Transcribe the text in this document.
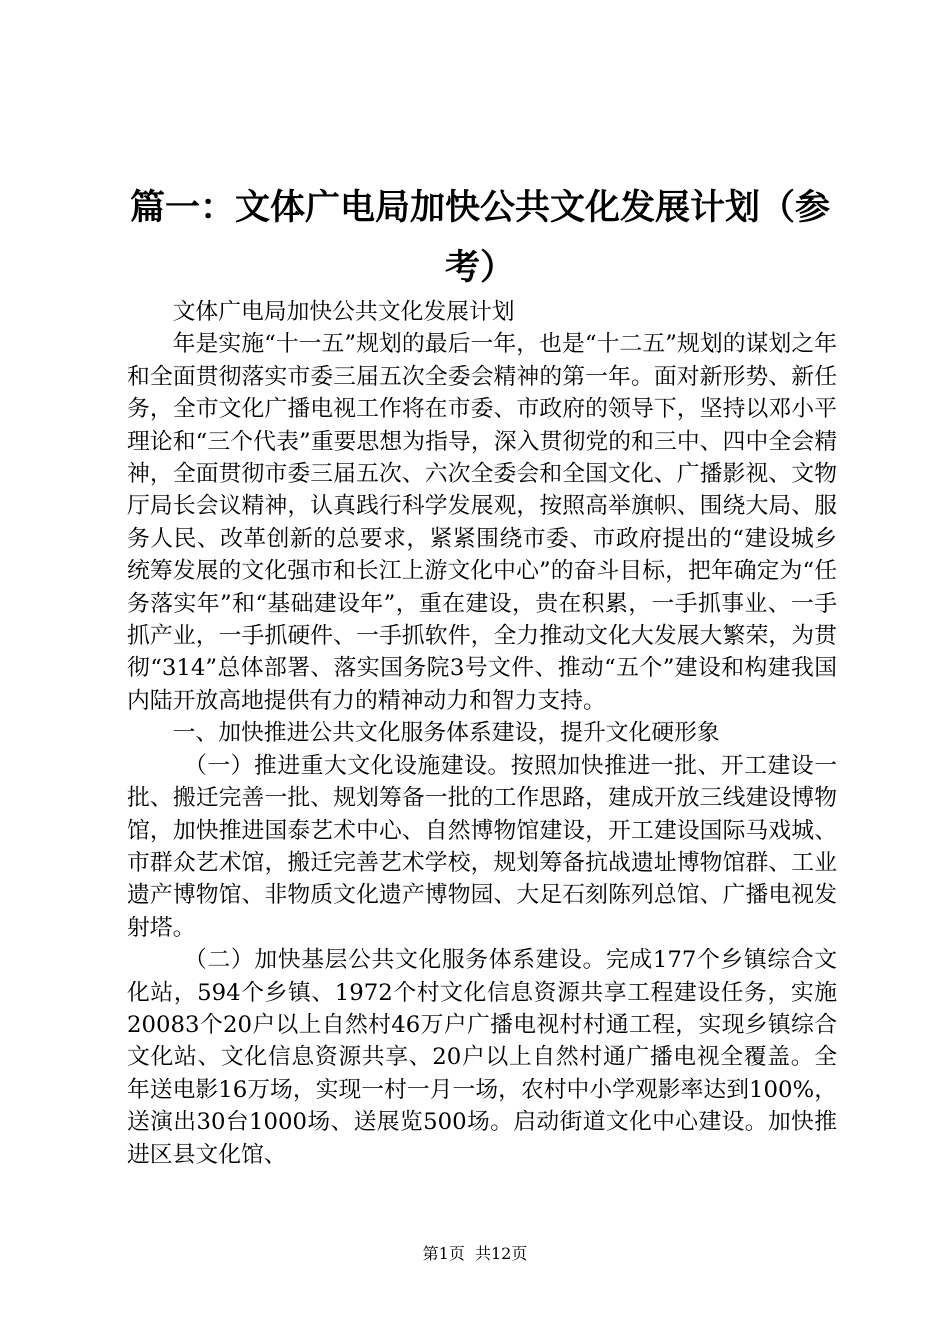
篇一：文体广电局加快公共文化发展计划（参考）

文体广电局加快公共文化发展计划

年是实施“十一五”规划的最后一年，也是“十二五”规划的谋划之年和全面贯彻落实市委三届五次全委会精神的第一年。面对新形势、新任务，全市文化广播电视工作将在市委、市政府的领导下，坚持以邓小平理论和“三个代表”重要思想为指导，深入贯彻党的和三中、四中全会精神，全面贯彻市委三届五次、六次全委会和全国文化、广播影视、文物厅局长会议精神，认真践行科学发展观，按照高举旗帜、围绕大局、服务人民、改革创新的总要求，紧紧围绕市委、市政府提出的“建设城乡统筹发展的文化强市和长江上游文化中心”的奋斗目标，把年确定为“任务落实年”和“基础建设年”，重在建设，贵在积累，一手抓事业、一手抓产业，一手抓硬件、一手抓软件，全力推动文化大发展大繁荣，为贯彻“314”总体部署、落实国务院3号文件、推动“五个”建设和构建我国内陆开放高地提供有力的精神动力和智力支持。

一、加快推进公共文化服务体系建设，提升文化硬形象

（一）推进重大文化设施建设。按照加快推进一批、开工建设一批、搬迁完善一批、规划筹备一批的工作思路，建成开放三线建设博物馆，加快推进国泰艺术中心、自然博物馆建设，开工建设国际马戏城、市群众艺术馆，搬迁完善艺术学校，规划筹备抗战遗址博物馆群、工业遗产博物馆、非物质文化遗产博物园、大足石刻陈列总馆、广播电视发射塔。

（二）加快基层公共文化服务体系建设。完成177个乡镇综合文化站，594个乡镇、1972个村文化信息资源共享工程建设任务，实施20083个20户以上自然村46万户广播电视村村通工程，实现乡镇综合文化站、文化信息资源共享、20户以上自然村通广播电视全覆盖。全年送电影16万场，实现一村一月一场，农村中小学观影率达到100%，送演出30台1000场、送展览500场。启动街道文化中心建设。加快推进区县文化馆、

第1页  共12页
